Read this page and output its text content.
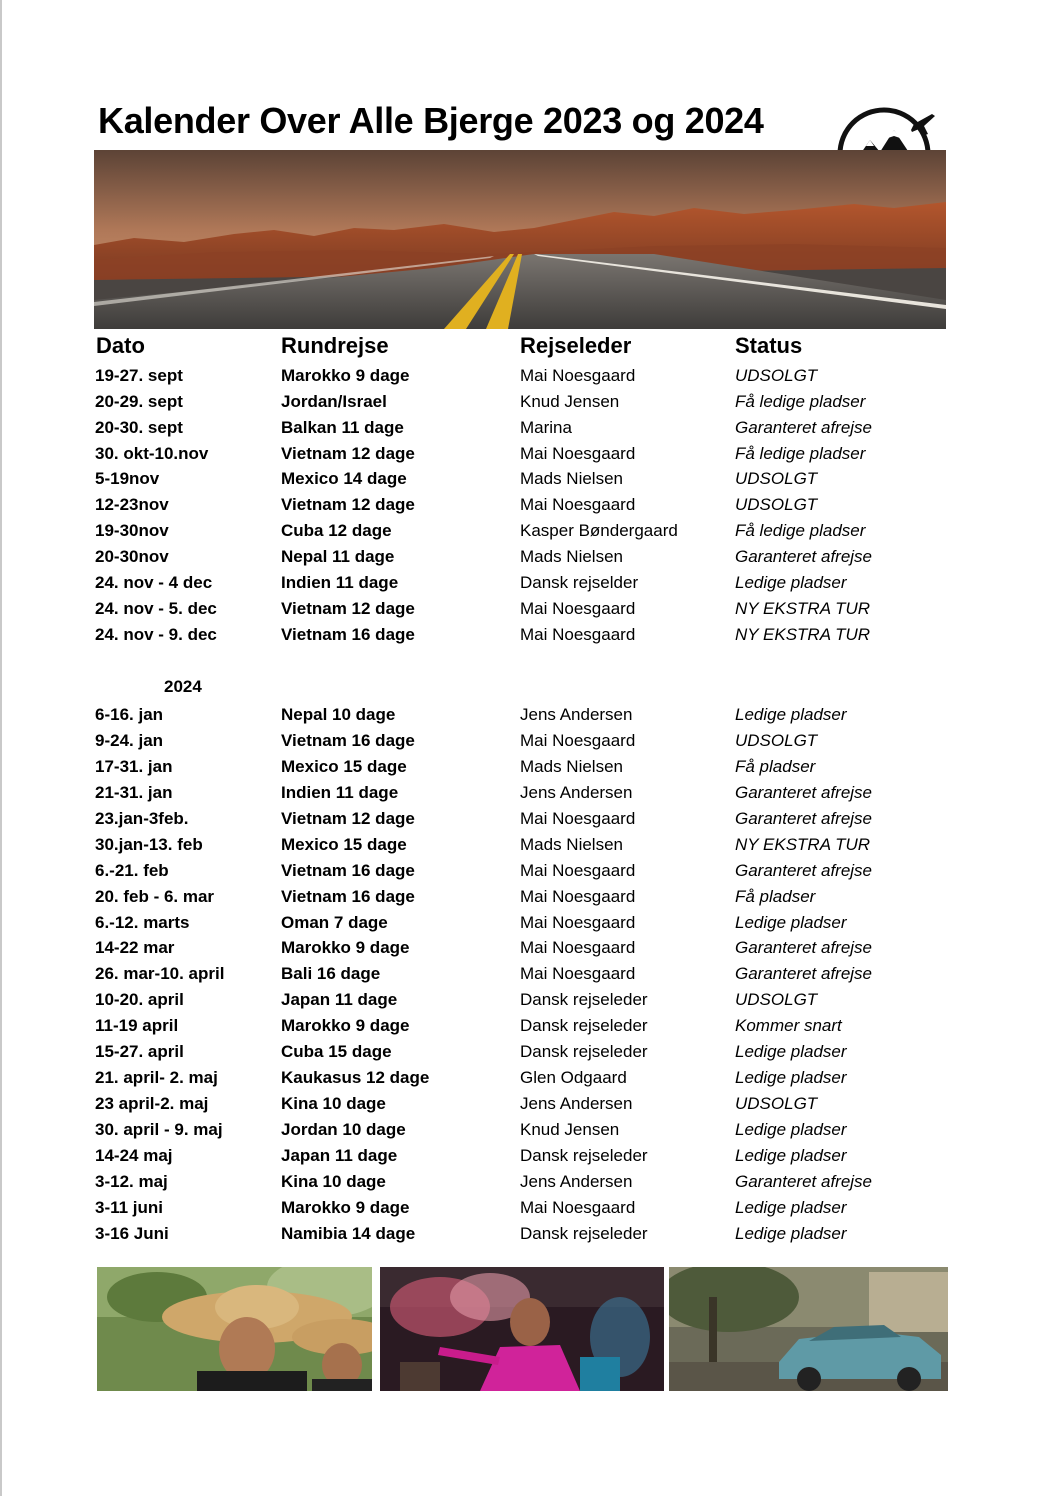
Kalender Over Alle Bjerge 2023 og 2024
Dato	Rundrejse	Rejseleder	Status
19-27. sept	Marokko 9 dage	Mai Noesgaard	UDSOLGT
20-29. sept	Jordan/Israel	Knud Jensen	Få ledige pladser
20-30. sept	Balkan 11 dage	Marina	Garanteret afrejse
30. okt-10.nov	Vietnam 12 dage	Mai Noesgaard	Få ledige pladser
5-19nov	Mexico 14 dage	Mads Nielsen	UDSOLGT
12-23nov	Vietnam 12 dage	Mai Noesgaard	UDSOLGT
19-30nov	Cuba 12 dage	Kasper Bøndergaard	Få ledige pladser
20-30nov	Nepal 11 dage	Mads Nielsen	Garanteret afrejse
24. nov - 4 dec	Indien 11 dage	Dansk rejselder	Ledige pladser
24. nov - 5. dec	Vietnam 12 dage	Mai Noesgaard	NY EKSTRA TUR
24. nov - 9. dec	Vietnam 16 dage	Mai Noesgaard	NY EKSTRA TUR
2024
6-16. jan	Nepal 10 dage	Jens Andersen	Ledige pladser
9-24. jan	Vietnam 16 dage	Mai Noesgaard	UDSOLGT
17-31. jan	Mexico 15 dage	Mads Nielsen	Få pladser
21-31. jan	Indien 11 dage	Jens Andersen	Garanteret afrejse
23.jan-3feb.	Vietnam 12 dage	Mai Noesgaard	Garanteret afrejse
30.jan-13. feb	Mexico 15 dage	Mads Nielsen	NY EKSTRA TUR
6.-21. feb	Vietnam 16 dage	Mai Noesgaard	Garanteret afrejse
20. feb - 6. mar	Vietnam 16 dage	Mai Noesgaard	Få pladser
6.-12. marts	Oman 7 dage	Mai Noesgaard	Ledige pladser
14-22 mar	Marokko 9 dage	Mai Noesgaard	Garanteret afrejse
26. mar-10. april	Bali 16 dage	Mai Noesgaard	Garanteret afrejse
10-20. april	Japan 11 dage	Dansk rejseleder	UDSOLGT
11-19 april	Marokko 9 dage	Dansk rejseleder	Kommer snart
15-27. april	Cuba 15 dage	Dansk rejseleder	Ledige pladser
21. april- 2. maj	Kaukasus 12 dage	Glen Odgaard	Ledige pladser
23 april-2. maj	Kina 10 dage	Jens Andersen	UDSOLGT
30. april - 9. maj	Jordan 10 dage	Knud Jensen	Ledige pladser
14-24 maj	Japan 11 dage	Dansk rejseleder	Ledige pladser
3-12. maj	Kina 10 dage	Jens Andersen	Garanteret afrejse
3-11 juni	Marokko 9 dage	Mai Noesgaard	Ledige pladser
3-16 Juni	Namibia 14 dage	Dansk rejseleder	Ledige pladser
